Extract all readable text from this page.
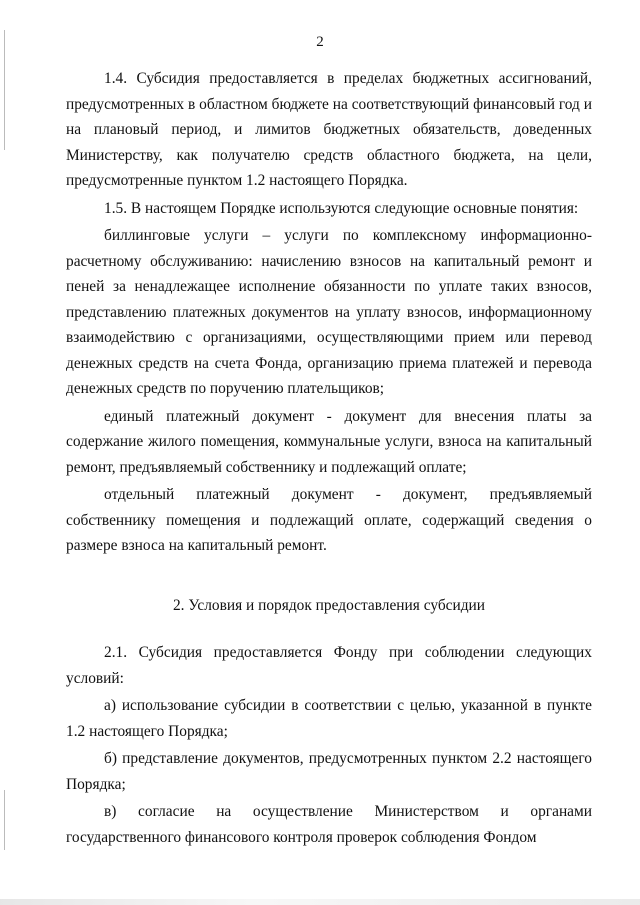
2

1.4. Субсидия предоставляется в пределах бюджетных ассигнований, предусмотренных в областном бюджете на соответствующий финансовый год и на плановый период, и лимитов бюджетных обязательств, доведенных Министерству, как получателю средств областного бюджета, на цели, предусмотренные пунктом 1.2 настоящего Порядка.

1.5. В настоящем Порядке используются следующие основные понятия:

биллинговые услуги – услуги по комплексному информационно-расчетному обслуживанию: начислению взносов на капитальный ремонт и пеней за ненадлежащее исполнение обязанности по уплате таких взносов, представлению платежных документов на уплату взносов, информационному взаимодействию с организациями, осуществляющими прием или перевод денежных средств на счета Фонда, организацию приема платежей и перевода денежных средств по поручению плательщиков;

единый платежный документ - документ для внесения платы за содержание жилого помещения, коммунальные услуги, взноса на капитальный ремонт, предъявляемый собственнику и подлежащий оплате;

отдельный платежный документ - документ, предъявляемый собственнику помещения и подлежащий оплате, содержащий сведения о размере взноса на капитальный ремонт.

2. Условия и порядок предоставления субсидии

2.1. Субсидия предоставляется Фонду при соблюдении следующих условий:

а) использование субсидии в соответствии с целью, указанной в пункте 1.2 настоящего Порядка;

б) представление документов, предусмотренных пунктом 2.2 настоящего Порядка;

в) согласие на осуществление Министерством и органами государственного финансового контроля проверок соблюдения Фондом
